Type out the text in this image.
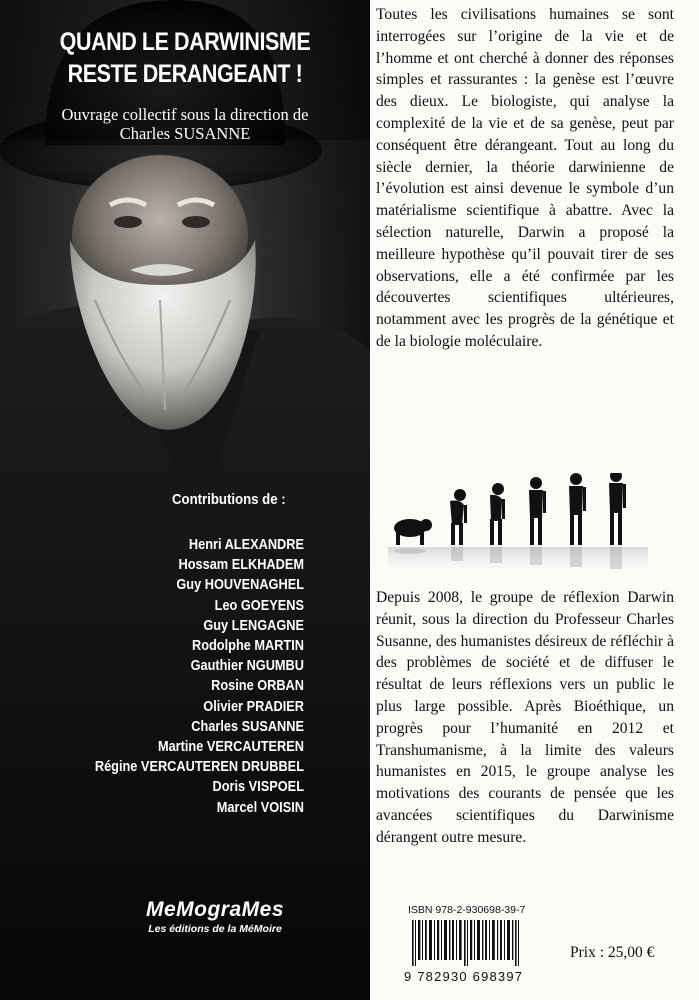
QUAND LE DARWINISME
RESTE DERANGEANT !
Ouvrage collectif sous la direction de
Charles SUSANNE
Contributions de :
Henri ALEXANDRE
Hossam ELKHADEM
Guy HOUVENAGHEL
Leo GOEYENS
Guy LENGAGNE
Rodolphe MARTIN
Gauthier NGUMBU
Rosine ORBAN
Olivier PRADIER
Charles SUSANNE
Martine VERCAUTEREN
Régine VERCAUTEREN DRUBBEL
Doris VISPOEL
Marcel VOISIN
MeMograMes
Les éditions de la MéMoire
Toutes les civilisations humaines se sont interrogées sur l’origine de la vie et de l’homme et ont cherché à donner des réponses simples et rassurantes : la genèse est l’œuvre des dieux. Le biologiste, qui analyse la complexité de la vie et de sa genèse, peut par conséquent être dérangeant. Tout au long du siècle dernier, la théorie darwinienne de l’évolution est ainsi devenue le symbole d’un matérialisme scientifique à abattre. Avec la sélection naturelle, Darwin a proposé la meilleure hypothèse qu’il pouvait tirer de ses observations, elle a été confirmée par les découvertes scientifiques ultérieures, notamment avec les progrès de la génétique et de la biologie moléculaire.
Depuis 2008, le groupe de réflexion Darwin réunit, sous la direction du Professeur Charles Susanne, des humanistes désireux de réfléchir à des problèmes de société et de diffuser le résultat de leurs réflexions vers un public le plus large possible. Après Bioéthique, un progrès pour l’humanité en 2012 et Transhumanisme, à la limite des valeurs humanistes en 2015, le groupe analyse les motivations des courants de pensée que les avancées scientifiques du Darwinisme dérangent outre mesure.
ISBN 978-2-930698-39-7
9 782930 698397
Prix : 25,00 €
